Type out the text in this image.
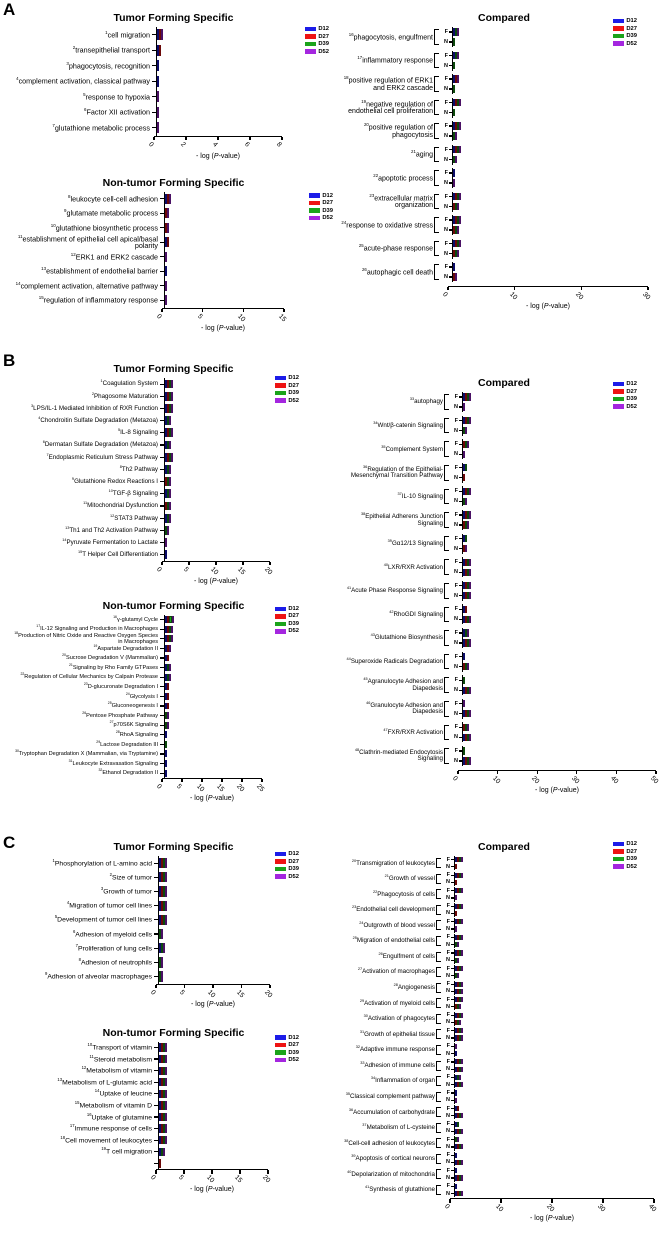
A	Tumor Forming Specific
$^1$cell migration
$^2$transepithelial transport
$^3$phagocytosis, recognition
$^4$complement activation, classical pathway
$^5$response to hypoxia
$^6$Factor XII activation
$^7$glutathione metabolic process
0	2	4	6	8
- log (P-value)
D12
D27
D39
D52
Non-tumor Forming Specific
$^8$leukocyte cell-cell adhesion
$^9$glutamate metabolic process
$^{10}$glutathione biosynthetic process
$^{11}$establishment of epithelial cell apical/basal polarity
$^{12}$ERK1 and ERK2 cascade
$^{13}$establishment of endothelial barrier
$^{14}$complement activation, alternative pathway
$^{15}$regulation of inflammatory response
0	5	10	15
- log (P-value)
D12
D27
D39
D52
Compared
$^{16}$phagocytosis, engulfment
F
N
$^{17}$inflammatory response
F
N
$^{18}$positive regulation of ERK1 and ERK2 cascade
F
N
$^{19}$negative regulation of endothelial cell proliferation
F
N
$^{20}$positive regulation of phagocytosis
F
N
$^{21}$aging
F
N
$^{22}$apoptotic process
F
N
$^{23}$extracellular matrix organization
F
N
$^{24}$response to oxidative stress
F
N
$^{25}$acute-phase response
F
N
$^{26}$autophagic cell death
F
N
0	10	20	30
- log (P-value)
D12
D27
D39
D52
B	Tumor Forming Specific
$^1$Coagulation System
$^2$Phagosome Maturation
$^3$LPS/IL-1 Mediated Inhibition of RXR Function
$^4$Chondroitin Sulfate Degradation (Metazoa)
$^5$IL-8 Signaling
$^6$Dermatan Sulfate Degradation (Metazoa)
$^7$Endoplasmic Reticulum Stress Pathway
$^8$Th2 Pathway
$^9$Glutathione Redox Reactions I
$^{10}$TGF-β Signaling
$^{11}$Mitochondrial Dysfunction
$^{12}$STAT3 Pathway
$^{13}$Th1 and Th2 Activation Pathway
$^{14}$Pyruvate Fermentation to Lactate
$^{15}$T Helper Cell Differentiation
0	5	10 15 20
- log (P-value)
D12
D27
D39
D52
Non-tumor Forming Specific
$^{16}$γ-glutamyl Cycle
$^{17}$IL-12 Signaling and Production in Macrophages
$^{18}$Production of Nitric Oxide and Reactive Oxygen Species in Macrophages
$^{19}$Aspartate Degradation II
$^{20}$Sucrose Degradation V (Mammalian)
$^{21}$Signaling by Rho Family GTPases
$^{22}$Regulation of Cellular Mechanics by Calpain Protease
$^{23}$D-glucuronate Degradation I
$^{24}$Glycolysis I
$^{25}$Gluconeogenesis I
$^{26}$Pentose Phosphate Pathway
$^{27}$p70S6K Signaling
$^{28}$RhoA Signaling
$^{29}$Lactose Degradation III
$^{30}$Tryptophan Degradation X (Mammalian, via Tryptamine)
$^{31}$Leukocyte Extravasation Signaling
$^{32}$Ethanol Degradation II
0 5 10 15 20 25
- log (P-value)
D12
D27
D39
D52
Compared
$^{33}$autophagy
F
N
$^{34}$Wnt/β-catenin Signaling
F
N
$^{35}$Complement System
F
N
$^{36}$Regulation of the Epithelial-Mesenchymal Transition Pathway
F
N
$^{37}$IL-10 Signaling
F
N
$^{38}$Epithelial Adherens Junction Signaling
F
N
$^{39}$Gα12/13 Signaling
F
N
$^{40}$LXR/RXR Activation
F
N
$^{41}$Acute Phase Response Signaling
F
N
$^{42}$RhoGDI Signaling
F
N
$^{43}$Glutathione Biosynthesis
F
N
$^{44}$Superoxide Radicals Degradation
F
N
$^{45}$Agranulocyte Adhesion and Diapedesis
F
N
$^{46}$Granulocyte Adhesion and Diapedesis
F
N
$^{47}$FXR/RXR Activation
F
N
$^{48}$Clathrin-mediated Endocytosis Signaling
F
N
0	10	20	30	40	50
- log (P-value)
D12
D27
D39
D52
C	Tumor Forming Specific
$^1$Phosphorylation of L-amino acid
$^2$Size of tumor
$^3$Growth of tumor
$^4$Migration of tumor cell lines
$^5$Development of tumor cell lines
$^6$Adhesion of myeloid cells
$^7$Proliferation of lung cells
$^8$Adhesion of neutrophils
$^9$Adhesion of alveolar macrophages
0	5	10	15	20
- log (P-value)
D12
D27
D39
D52
Non-tumor Forming Specific
$^{10}$Transport of vitamin
$^{11}$Steroid metabolism
$^{12}$Metabolism of vitamin
$^{13}$Metabolism of L-glutamic acid
$^{14}$Uptake of leucine
$^{15}$Metabolism of vitamin D
$^{16}$Uptake of glutamine
$^{17}$Immune response of cells
$^{18}$Cell movement of leukocytes
$^{19}$T cell migration
0	5	10	15	20
- log (P-value)
D12
D27
D39
D52
Compared
$^{20}$Transmigration of leukocytes
F
N
$^{21}$Growth of vessel
F
N
$^{22}$Phagocytosis of cells
F
N
$^{23}$Endothelial cell development
F
N
$^{24}$Outgrowth of blood vessel
F
N
$^{25}$Migration of endothelial cells
F
N
$^{26}$Engulfment of cells
F
N
$^{27}$Activation of macrophages
F
N
$^{28}$Angiogenesis
F
N
$^{29}$Activation of myeloid cells
F
N
$^{30}$Activation of phagocytes
F
N
$^{31}$Growth of epithelial tissue
F
N
$^{32}$Adaptive immune response
F
N
$^{33}$Adhesion of immune cells
F
N
$^{34}$Inflammation of organ
F
N
$^{35}$Classical complement pathway
F
N
$^{36}$Accumulation of carbohydrate
F
N
$^{37}$Metabolism of L-cysteine
F
N
$^{38}$Cell-cell adhesion of leukocytes
F
N
$^{39}$Apoptosis of cortical neurons
F
N
$^{40}$Depolarization of mitochondria
F
N
$^{41}$Synthesis of glutathione
F
N
0	10	20	30	40
- log (P-value)
D12
D27
D39
D52
